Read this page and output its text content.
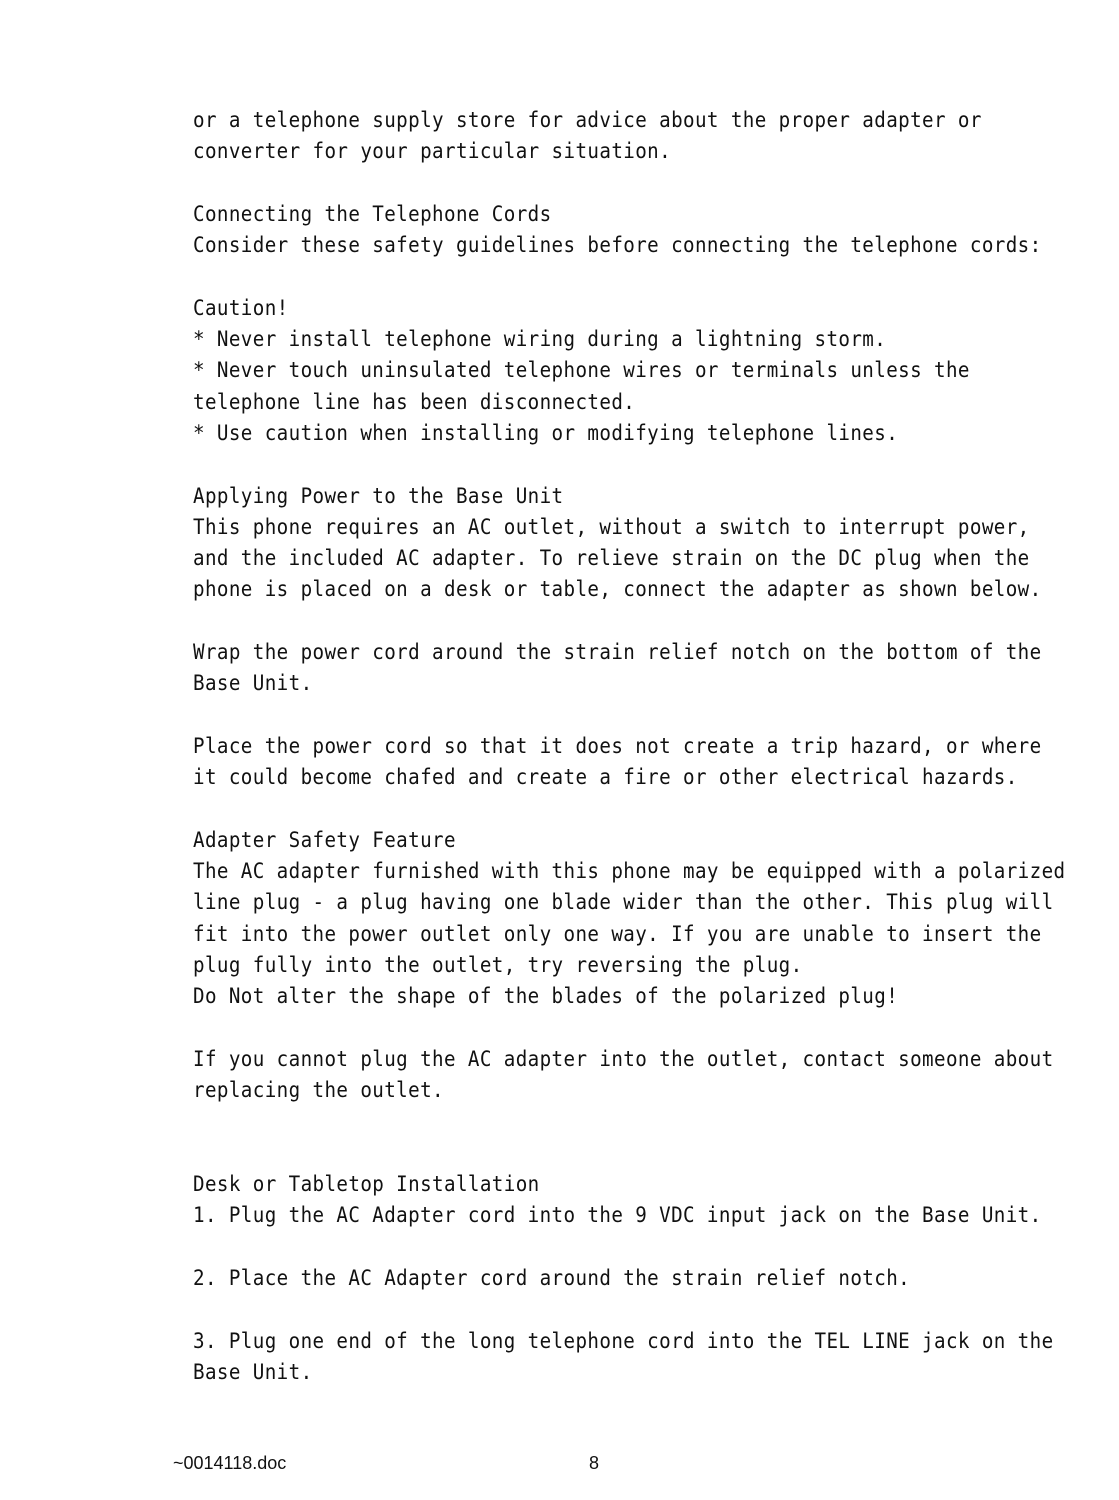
or a telephone supply store for advice about the proper adapter or
converter for your particular situation.
Connecting the Telephone Cords
Consider these safety guidelines before connecting the telephone cords:
Caution!
* Never install telephone wiring during a lightning storm.
* Never touch uninsulated telephone wires or terminals unless the
telephone line has been disconnected.
* Use caution when installing or modifying telephone lines.
Applying Power to the Base Unit
This phone requires an AC outlet, without a switch to interrupt power,
and the included AC adapter. To relieve strain on the DC plug when the
phone is placed on a desk or table, connect the adapter as shown below.
Wrap the power cord around the strain relief notch on the bottom of the
Base Unit.
Place the power cord so that it does not create a trip hazard, or where
it could become chafed and create a fire or other electrical hazards.
Adapter Safety Feature
The AC adapter furnished with this phone may be equipped with a polarized
line plug - a plug having one blade wider than the other. This plug will
fit into the power outlet only one way. If you are unable to insert the
plug fully into the outlet, try reversing the plug.
Do Not alter the shape of the blades of the polarized plug!
If you cannot plug the AC adapter into the outlet, contact someone about
replacing the outlet.
Desk or Tabletop Installation
1. Plug the AC Adapter cord into the 9 VDC input jack on the Base Unit.
2. Place the AC Adapter cord around the strain relief notch.
3. Plug one end of the long telephone cord into the TEL LINE jack on the
Base Unit.
~0014118.doc	8
